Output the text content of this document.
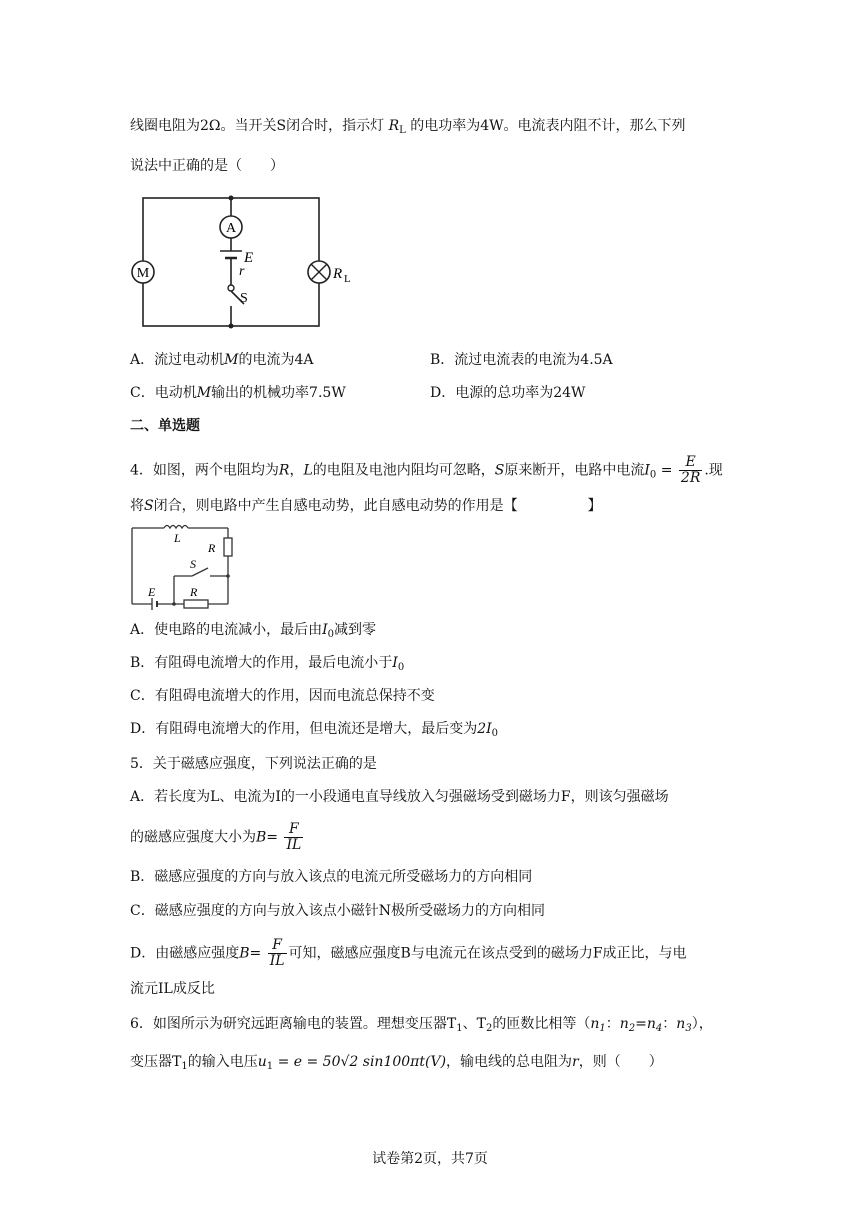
线圈电阻为2Ω。当开关S闭合时，指示灯 $R_L$ 的电功率为4W。电流表内阻不计，那么下列
说法中正确的是（　　）
A
E
r
S
M	R L
A．流过电动机M的电流为4A	B．流过电流表的电流为4.5A
C．电动机M输出的机械功率7.5W	D．电源的总功率为24W
二、单选题
4．如图，两个电阻均为R，L的电阻及电池内阻均可忽略，S原来断开，电路中电流$I_0 = \frac{E}{2R}$ .现
将S闭合，则电路中产生自感电动势，此自感电动势的作用是【　　　　　】
L
R
S
E	R
A．使电路的电流减小，最后由$I_0$减到零
B．有阻碍电流增大的作用，最后电流小于$I_0$
C．有阻碍电流增大的作用，因而电流总保持不变
D．有阻碍电流增大的作用，但电流还是增大，最后变为$2I_0$
5．关于磁感应强度，下列说法正确的是
A．若长度为L、电流为I的一小段通电直导线放入匀强磁场受到磁场力F，则该匀强磁场
的磁感应强度大小为$B= \frac{F}{IL}$
B．磁感应强度的方向与放入该点的电流元所受磁场力的方向相同
C．磁感应强度的方向与放入该点小磁针N极所受磁场力的方向相同
D．由磁感应强度$B= \frac{F}{IL}$ 可知，磁感应强度B与电流元在该点受到的磁场力F成正比，与电
流元IL成反比
6．如图所示为研究远距离输电的装置。理想变压器$T_1$、$T_2$的匝数比相等（$n_1$：$n_2=n_4$：$n_3$），
变压器$T_1$的输入电压$u_1 = e = 50√2$ sin100πt(V)，输电线的总电阻为r，则（　　）
试卷第2页，共7页
